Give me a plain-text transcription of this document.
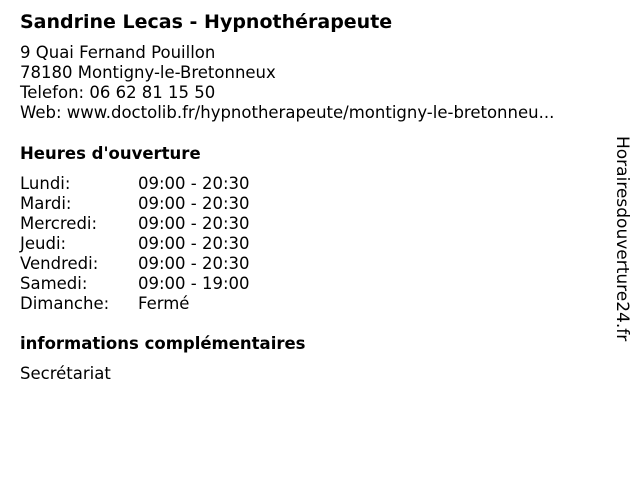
Sandrine Lecas - Hypnothérapeute
9 Quai Fernand Pouillon
78180 Montigny-le-Bretonneux
Telefon: 06 62 81 15 50
Web: www.doctolib.fr/hypnotherapeute/montigny-le-bretonneu...
Heures d'ouverture
Lundi:	09:00 - 20:30
Mardi:	09:00 - 20:30
Mercredi:	09:00 - 20:30
Jeudi:	09:00 - 20:30
Vendredi:	09:00 - 20:30
Samedi:	09:00 - 19:00
Dimanche:	Fermé
informations complémentaires
Secrétariat
Horairesdouverture24.fr
